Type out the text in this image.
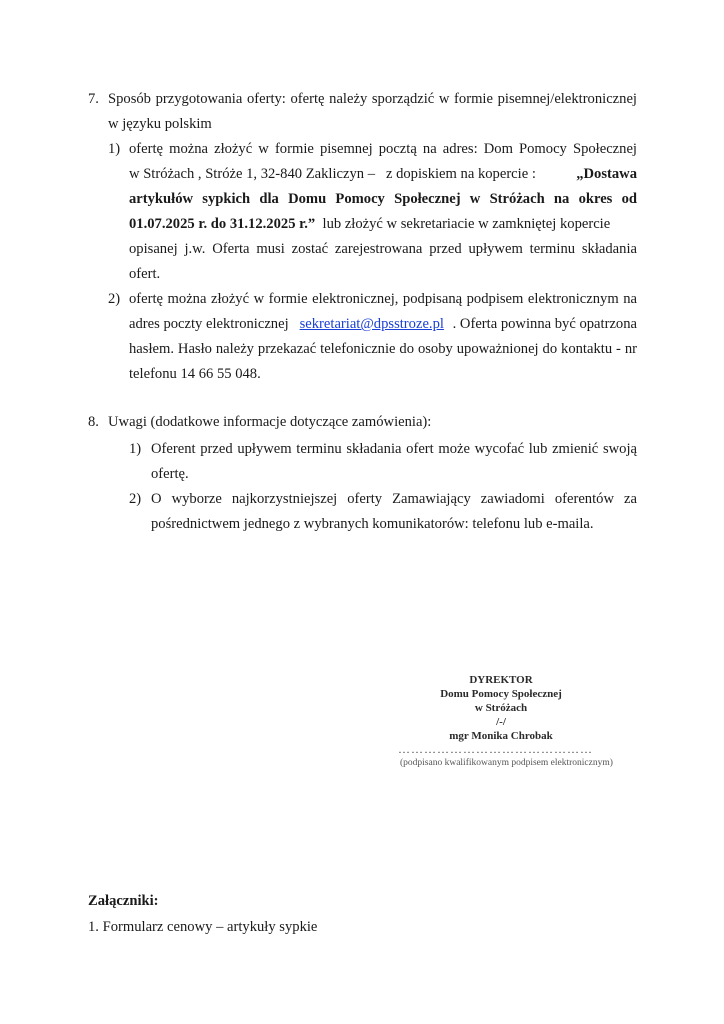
7. Sposób przygotowania oferty: ofertę należy sporządzić w formie pisemnej/elektronicznej
w języku polskim
1) ofertę można złożyć w formie pisemnej pocztą na adres: Dom Pomocy Społecznej
w Stróżach , Stróże 1, 32-840 Zakliczyn –   z dopiskiem na kopercie :	„Dostawa
artykułów sypkich dla Domu Pomocy Społecznej w Stróżach na okres od
01.07.2025 r. do 31.12.2025 r.”  lub złożyć w sekretariacie w zamkniętej kopercie
opisanej j.w. Oferta musi zostać zarejestrowana przed upływem terminu składania
ofert.
2) ofertę można złożyć w formie elektronicznej, podpisaną podpisem elektronicznym na
adres poczty elektronicznej sekretariat@dpsstroze.pl . Oferta powinna być opatrzona
hasłem. Hasło należy przekazać telefonicznie do osoby upoważnionej do kontaktu - nr
telefonu 14 66 55 048.
8. Uwagi (dodatkowe informacje dotyczące zamówienia):
1) Oferent przed upływem terminu składania ofert może wycofać lub zmienić swoją
ofertę.
2) O wyborze najkorzystniejszej oferty Zamawiający zawiadomi oferentów za
pośrednictwem jednego z wybranych komunikatorów: telefonu lub e-maila.
DYREKTOR
Domu Pomocy Społecznej
w Stróżach
/-/
mgr Monika Chrobak
………………………………………
(podpisano kwalifikowanym podpisem elektronicznym)
Załączniki:
1. Formularz cenowy – artykuły sypkie
